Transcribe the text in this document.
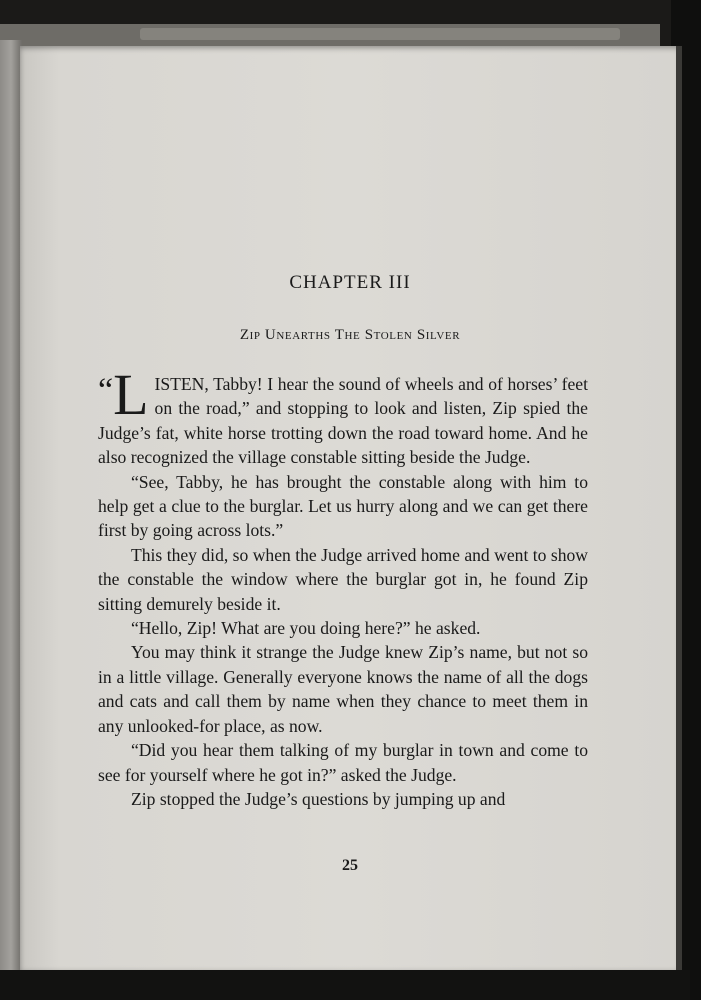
CHAPTER III
Zip Unearths The Stolen Silver

“L ISTEN, Tabby! I hear the sound of wheels and of horses’ feet on the road,” and stopping to look and listen, Zip spied the Judge’s fat, white horse trotting down the road toward home. And he also recognized the village constable sitting beside the Judge.

“See, Tabby, he has brought the constable along with him to help get a clue to the burglar. Let us hurry along and we can get there first by going across lots.”

This they did, so when the Judge arrived home and went to show the constable the window where the burglar got in, he found Zip sitting demurely beside it.

“Hello, Zip! What are you doing here?” he asked.

You may think it strange the Judge knew Zip’s name, but not so in a little village. Generally everyone knows the name of all the dogs and cats and call them by name when they chance to meet them in any unlooked-for place, as now.

“Did you hear them talking of my burglar in town and come to see for yourself where he got in?” asked the Judge.

Zip stopped the Judge’s questions by jumping up and

25
